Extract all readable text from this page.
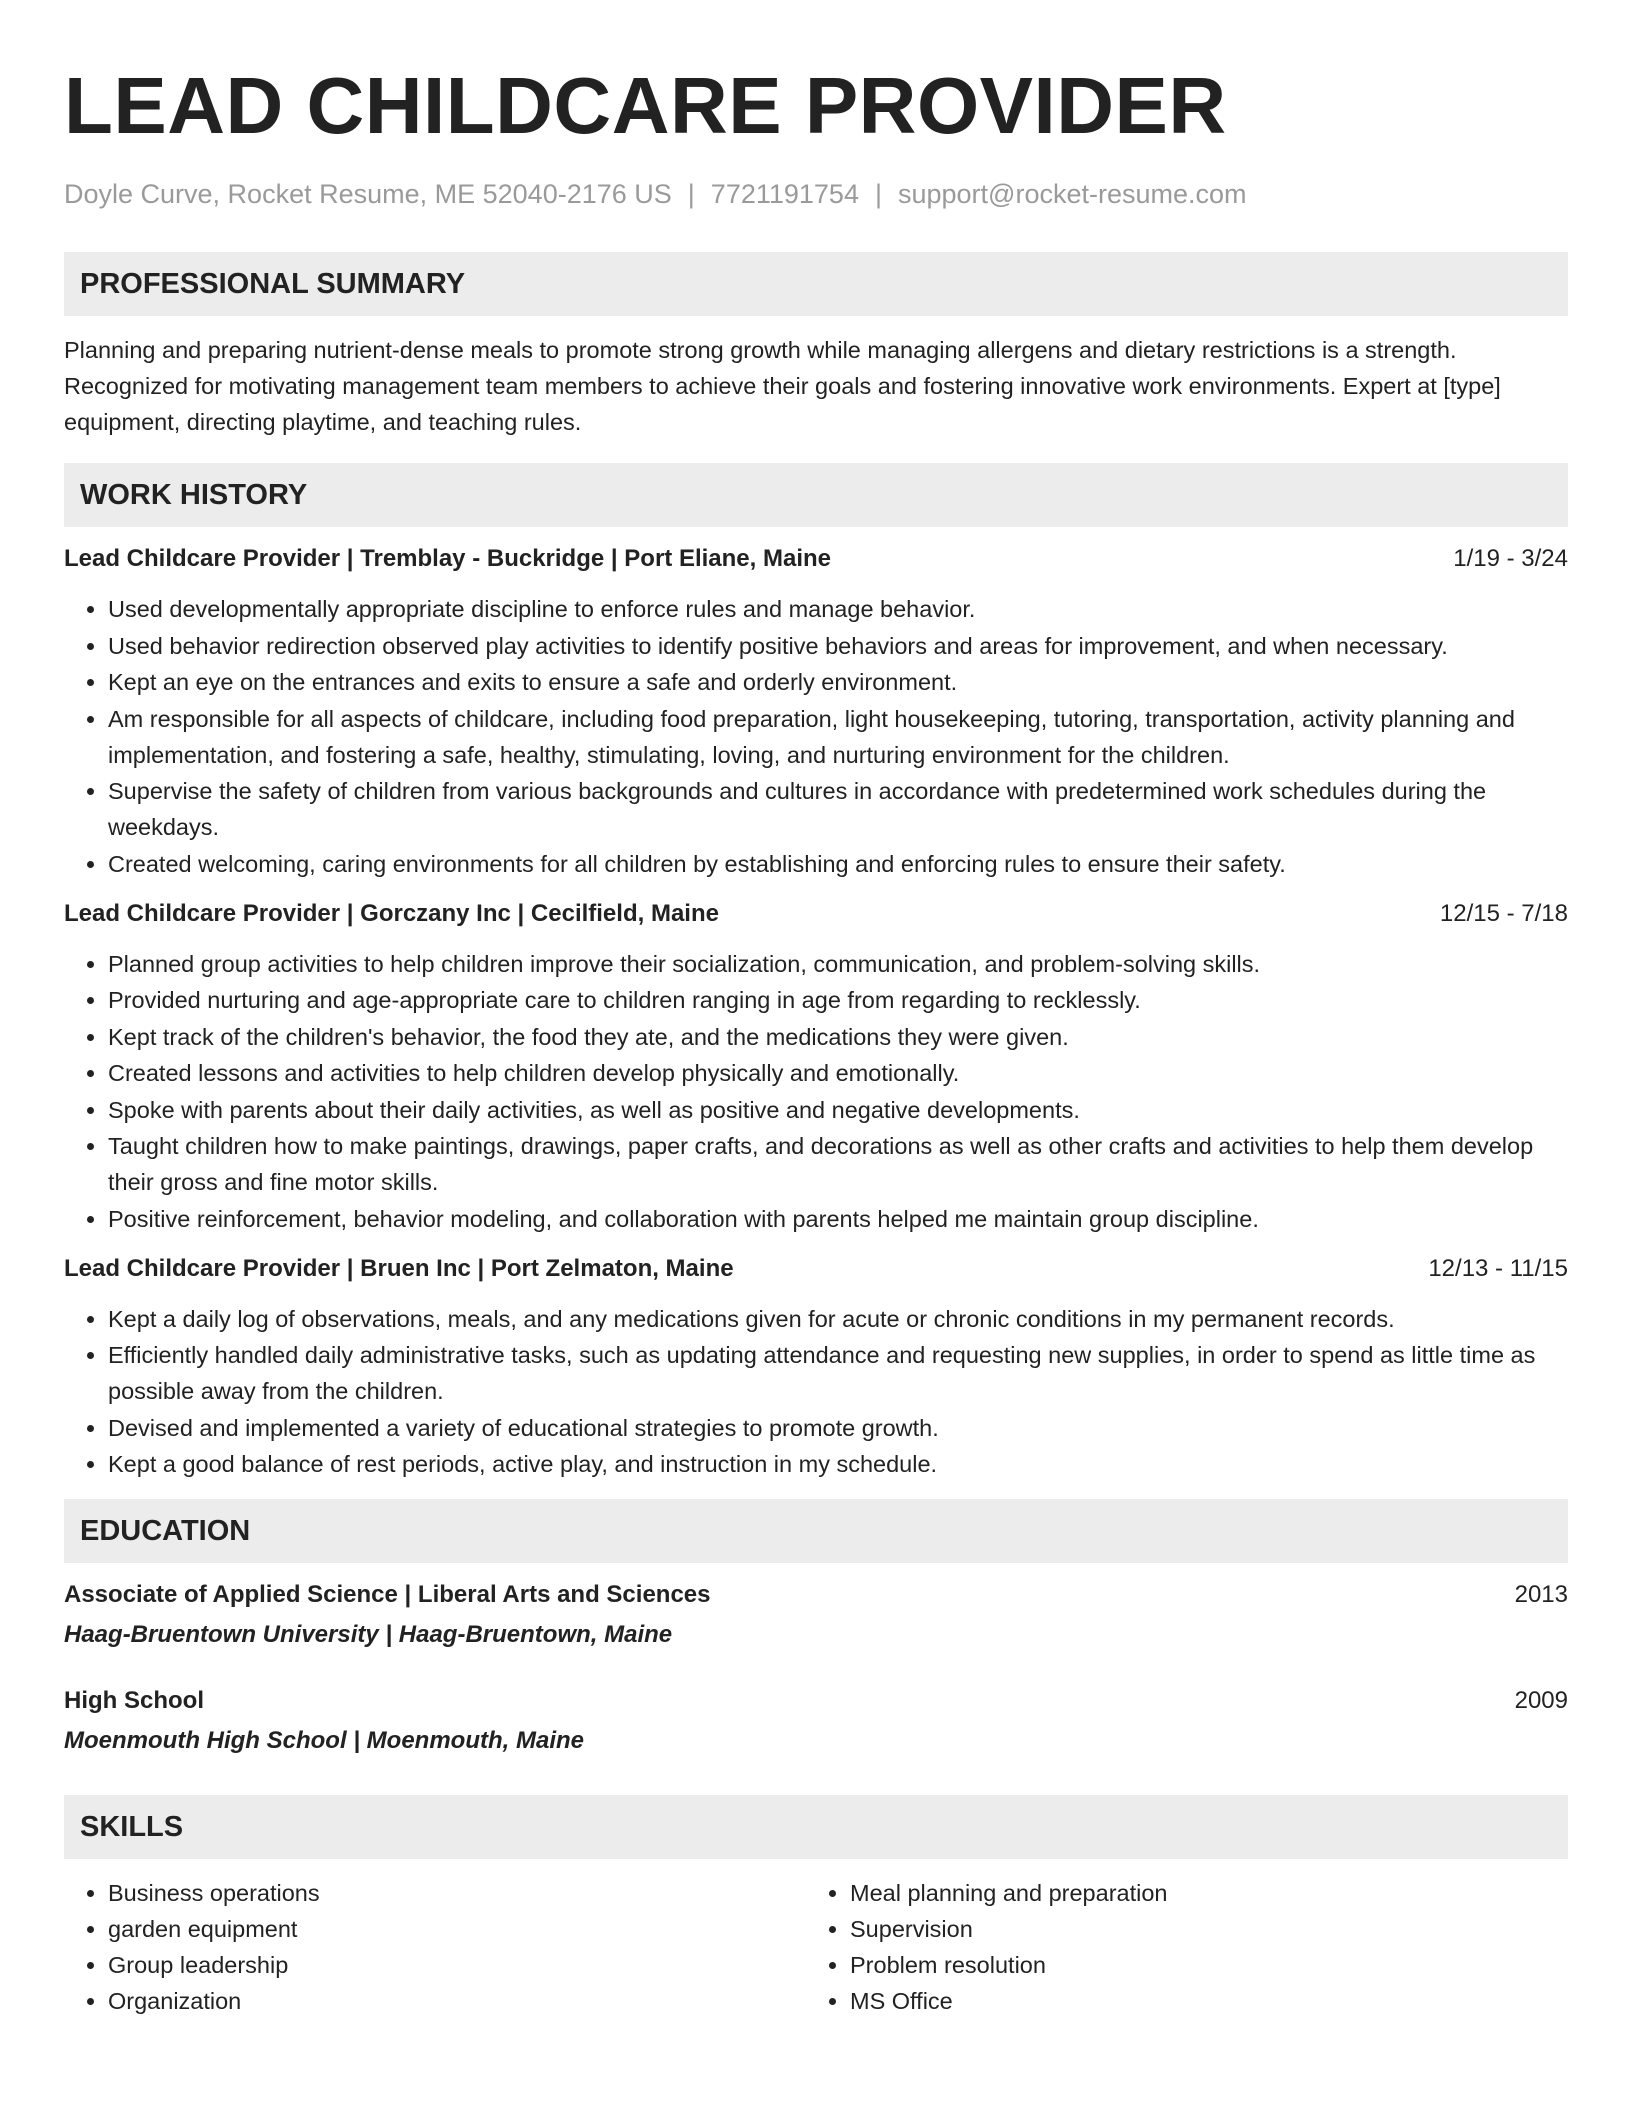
LEAD CHILDCARE PROVIDER
Doyle Curve, Rocket Resume, ME 52040-2176 US | 7721191754 | support@rocket-resume.com
PROFESSIONAL SUMMARY
Planning and preparing nutrient-dense meals to promote strong growth while managing allergens and dietary restrictions is a strength. Recognized for motivating management team members to achieve their goals and fostering innovative work environments. Expert at [type] equipment, directing playtime, and teaching rules.
WORK HISTORY
Lead Childcare Provider | Tremblay - Buckridge | Port Eliane, Maine	1/19 - 3/24
• Used developmentally appropriate discipline to enforce rules and manage behavior.
• Used behavior redirection observed play activities to identify positive behaviors and areas for improvement, and when necessary.
• Kept an eye on the entrances and exits to ensure a safe and orderly environment.
• Am responsible for all aspects of childcare, including food preparation, light housekeeping, tutoring, transportation, activity planning and implementation, and fostering a safe, healthy, stimulating, loving, and nurturing environment for the children.
• Supervise the safety of children from various backgrounds and cultures in accordance with predetermined work schedules during the weekdays.
• Created welcoming, caring environments for all children by establishing and enforcing rules to ensure their safety.
Lead Childcare Provider | Gorczany Inc | Cecilfield, Maine	12/15 - 7/18
• Planned group activities to help children improve their socialization, communication, and problem-solving skills.
• Provided nurturing and age-appropriate care to children ranging in age from regarding to recklessly.
• Kept track of the children's behavior, the food they ate, and the medications they were given.
• Created lessons and activities to help children develop physically and emotionally.
• Spoke with parents about their daily activities, as well as positive and negative developments.
• Taught children how to make paintings, drawings, paper crafts, and decorations as well as other crafts and activities to help them develop their gross and fine motor skills.
• Positive reinforcement, behavior modeling, and collaboration with parents helped me maintain group discipline.
Lead Childcare Provider | Bruen Inc | Port Zelmaton, Maine	12/13 - 11/15
• Kept a daily log of observations, meals, and any medications given for acute or chronic conditions in my permanent records.
• Efficiently handled daily administrative tasks, such as updating attendance and requesting new supplies, in order to spend as little time as possible away from the children.
• Devised and implemented a variety of educational strategies to promote growth.
• Kept a good balance of rest periods, active play, and instruction in my schedule.
EDUCATION
Associate of Applied Science | Liberal Arts and Sciences	2013
Haag-Bruentown University | Haag-Bruentown, Maine
High School	2009
Moenmouth High School | Moenmouth, Maine
SKILLS
• Business operations
• garden equipment
• Group leadership
• Organization
• Meal planning and preparation
• Supervision
• Problem resolution
• MS Office
